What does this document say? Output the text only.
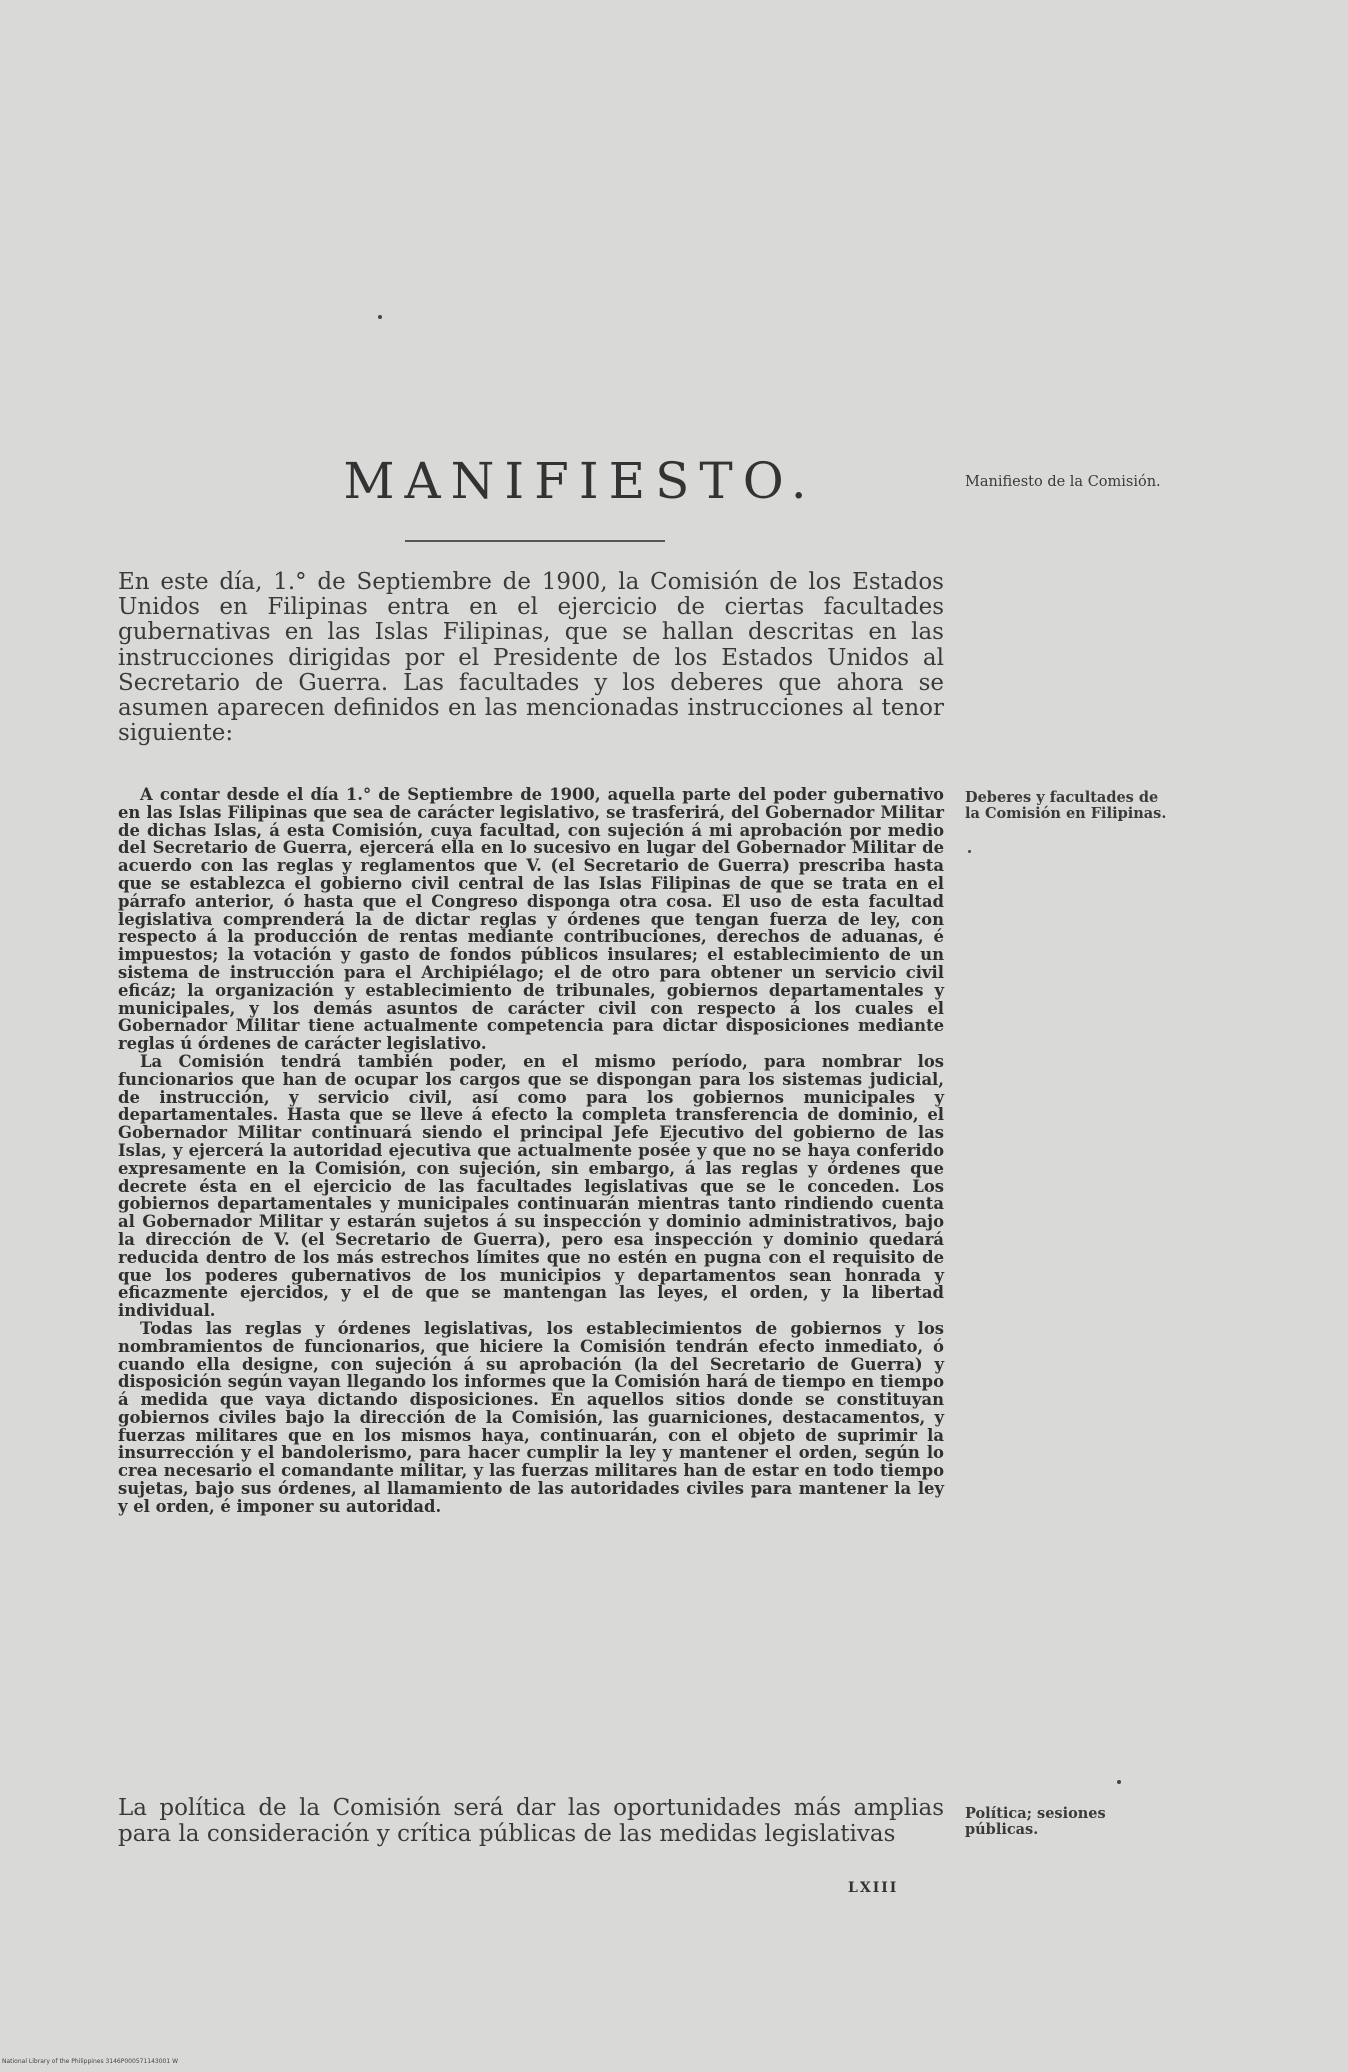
MANIFIESTO.	Manifiesto de la Comisión.
Deberes y facultades de la Comisión en Filipinas.
Política; sesiones públicas.
En este día, 1.° de Septiembre de 1900, la Comisión de los Estados Unidos en Filipinas entra en el ejercicio de ciertas facultades gubernativas en las Islas Filipinas, que se hallan descritas en las instrucciones dirigidas por el Presidente de los Estados Unidos al Secretario de Guerra. Las facultades y los deberes que ahora se asumen aparecen definidos en las mencionadas instrucciones al tenor siguiente:

A contar desde el día 1.° de Septiembre de 1900, aquella parte del poder gubernativo en las Islas Filipinas que sea de carácter legislativo, se trasferirá, del Gobernador Militar de dichas Islas, á esta Comisión, cuya facultad, con sujeción á mi aprobación por medio del Secretario de Guerra, ejercerá ella en lo sucesivo en lugar del Gobernador Militar de acuerdo con las reglas y reglamentos que V. (el Secretario de Guerra) prescriba hasta que se establezca el gobierno civil central de las Islas Filipinas de que se trata en el párrafo anterior, ó hasta que el Congreso disponga otra cosa. El uso de esta facultad legislativa comprenderá la de dictar reglas y órdenes que tengan fuerza de ley, con respecto á la producción de rentas mediante contribuciones, derechos de aduanas, é impuestos; la votación y gasto de fondos públicos insulares; el establecimiento de un sistema de instrucción para el Archipiélago; el de otro para obtener un servicio civil eficáz; la organización y establecimiento de tribunales, gobiernos departamentales y municipales, y los demás asuntos de carácter civil con respecto á los cuales el Gobernador Militar tiene actualmente competencia para dictar disposiciones mediante reglas ú órdenes de carácter legislativo.

La Comisión tendrá también poder, en el mismo período, para nombrar los funcionarios que han de ocupar los cargos que se dispongan para los sistemas judicial, de instrucción, y servicio civil, así como para los gobiernos municipales y departamentales. Hasta que se lleve á efecto la completa transferencia de dominio, el Gobernador Militar continuará siendo el principal Jefe Ejecutivo del gobierno de las Islas, y ejercerá la autoridad ejecutiva que actualmente posée y que no se haya conferido expresamente en la Comisión, con sujeción, sin embargo, á las reglas y órdenes que decrete ésta en el ejercicio de las facultades legislativas que se le conceden. Los gobiernos departamentales y municipales continuarán mientras tanto rindiendo cuenta al Gobernador Militar y estarán sujetos á su inspección y dominio administrativos, bajo la dirección de V. (el Secretario de Guerra), pero esa inspección y dominio quedará reducida dentro de los más estrechos límites que no estén en pugna con el requisito de que los poderes gubernativos de los municipios y departamentos sean honrada y eficazmente ejercidos, y el de que se mantengan las leyes, el orden, y la libertad individual.

Todas las reglas y órdenes legislativas, los establecimientos de gobiernos y los nombramientos de funcionarios, que hiciere la Comisión tendrán efecto inmediato, ó cuando ella designe, con sujeción á su aprobación (la del Secretario de Guerra) y disposición según vayan llegando los informes que la Comisión hará de tiempo en tiempo á medida que vaya dictando disposiciones. En aquellos sitios donde se constituyan gobiernos civiles bajo la dirección de la Comisión, las guarniciones, destacamentos, y fuerzas militares que en los mismos haya, continuarán, con el objeto de suprimir la insurrección y el bandolerismo, para hacer cumplir la ley y mantener el orden, según lo crea necesario el comandante militar, y las fuerzas militares han de estar en todo tiempo sujetas, bajo sus órdenes, al llamamiento de las autoridades civiles para mantener la ley y el orden, é imponer su autoridad.

La política de la Comisión será dar las oportunidades más amplias para la consideración y crítica públicas de las medidas legislativas
LXIII
National Library of the Philippines 3146P000571143001 W
